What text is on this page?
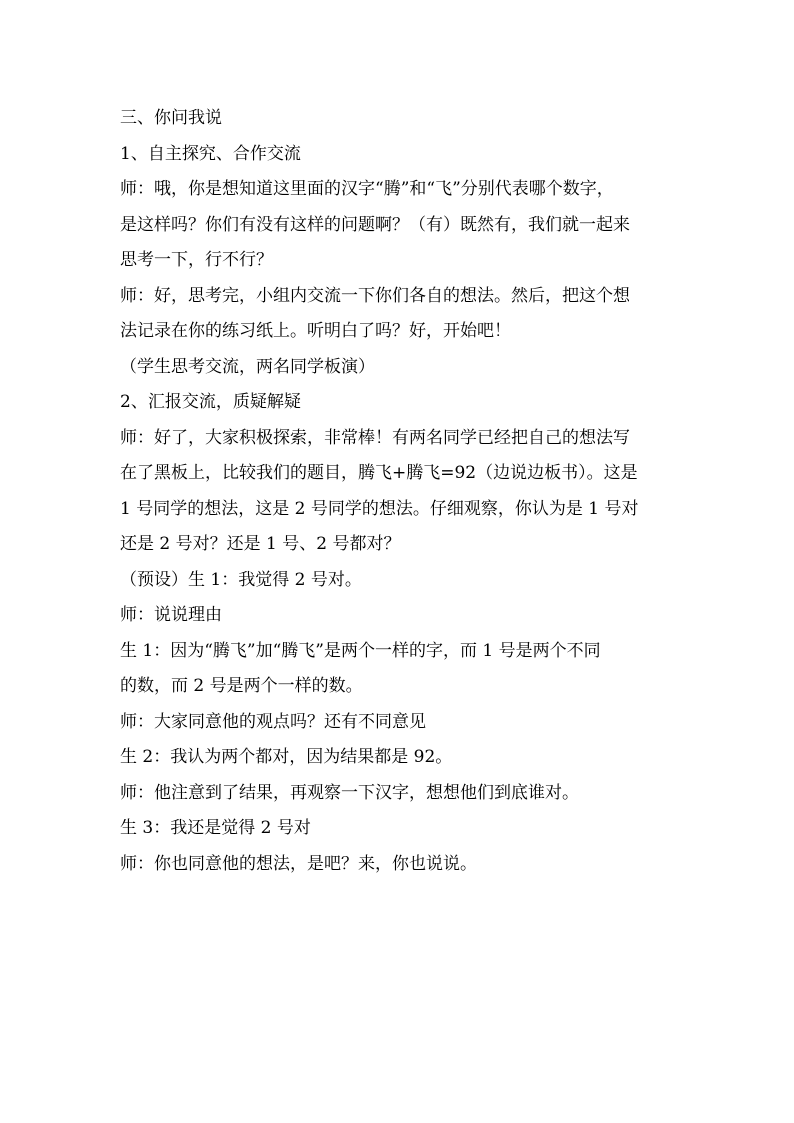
三、你问我说
1、自主探究、合作交流
师：哦，你是想知道这里面的汉字“腾”和“飞”分别代表哪个数字，
是这样吗？你们有没有这样的问题啊？（有）既然有，我们就一起来
思考一下，行不行？
师：好，思考完，小组内交流一下你们各自的想法。然后，把这个想
法记录在你的练习纸上。听明白了吗？好，开始吧！
（学生思考交流，两名同学板演）
2、汇报交流，质疑解疑
师：好了，大家积极探索，非常棒！有两名同学已经把自己的想法写
在了黑板上，比较我们的题目，腾飞+腾飞=92（边说边板书）。这是
1 号同学的想法，这是 2 号同学的想法。仔细观察，你认为是 1 号对
还是 2 号对？还是 1 号、2 号都对？
（预设）生 1：我觉得 2 号对。
师：说说理由
生 1：因为“腾飞”加“腾飞”是两个一样的字，而 1 号是两个不同
的数，而 2 号是两个一样的数。
师：大家同意他的观点吗？还有不同意见
生 2：我认为两个都对，因为结果都是 92。
师：他注意到了结果，再观察一下汉字，想想他们到底谁对。
生 3：我还是觉得 2 号对
师：你也同意他的想法，是吧？来，你也说说。
